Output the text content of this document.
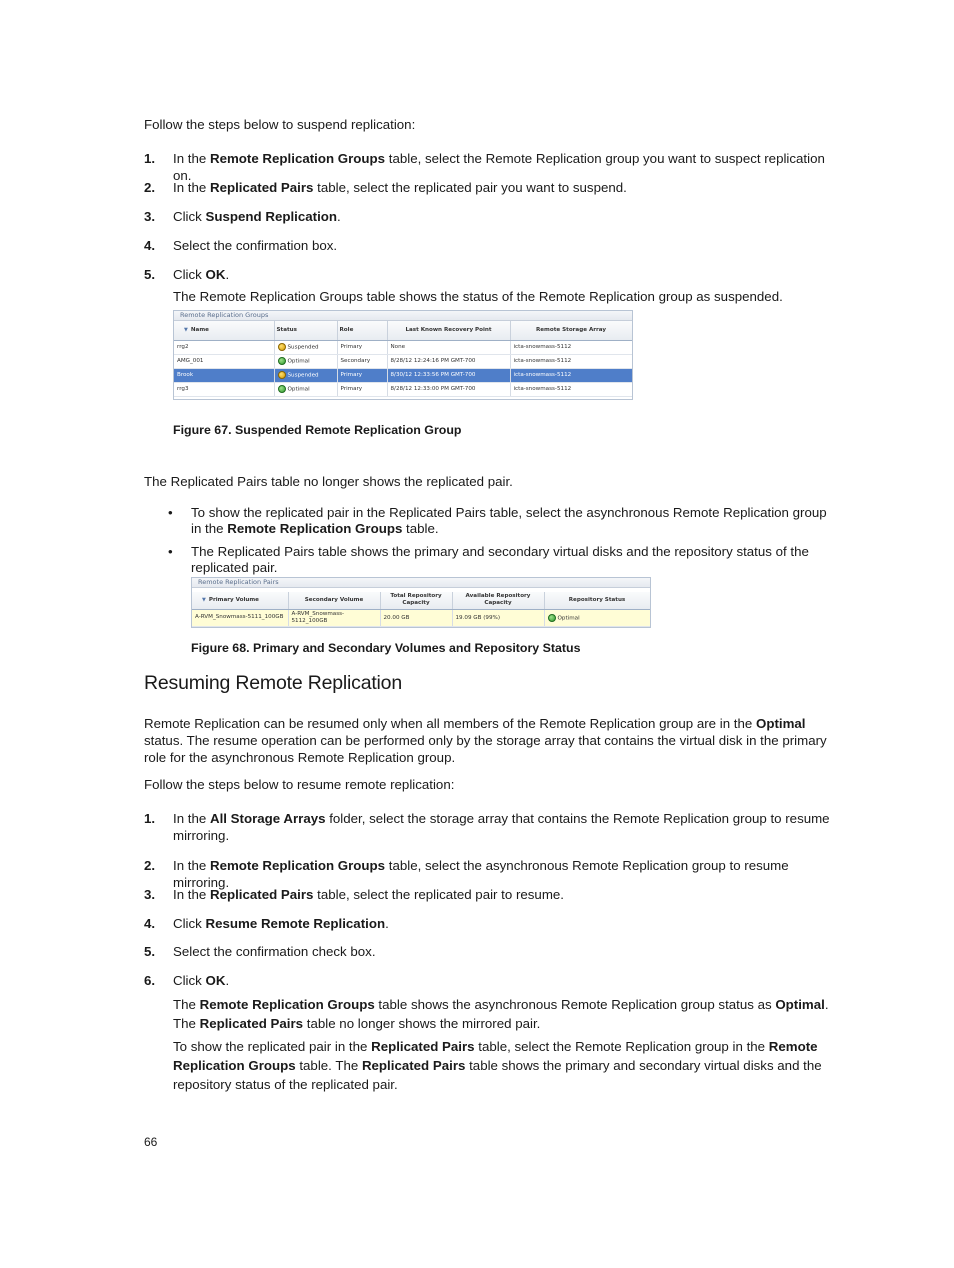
Follow the steps below to suspend replication:
1. In the Remote Replication Groups table, select the Remote Replication group you want to suspect replication on.
2. In the Replicated Pairs table, select the replicated pair you want to suspend.
3. Click Suspend Replication.
4. Select the confirmation box.
5. Click OK.
The Remote Replication Groups table shows the status of the Remote Replication group as suspended.
Remote Replication Groups
▼ Name	Status	Role	Last Known Recovery Point	Remote Storage Array
rrg2	Suspended	Primary	None	icta-snowmass-5112
AMG_001	Optimal	Secondary	8/28/12 12:24:16 PM GMT-700	icta-snowmass-5112
Brook	Suspended	Primary	8/30/12 12:33:56 PM GMT-700	icta-snowmass-5112
rrg3	Optimal	Primary	8/28/12 12:33:00 PM GMT-700	icta-snowmass-5112
Figure 67. Suspended Remote Replication Group
The Replicated Pairs table no longer shows the replicated pair.
• To show the replicated pair in the Replicated Pairs table, select the asynchronous Remote Replication group in the Remote Replication Groups table.
• The Replicated Pairs table shows the primary and secondary virtual disks and the repository status of the replicated pair.
Remote Replication Pairs
▼ Primary Volume	Secondary Volume	Total Repository Capacity	Available Repository Capacity	Repository Status
A-RVM_Snowmass-5111_100GB	A-RVM_Snowmass-5112_100GB	20.00 GB	19.09 GB (99%)	Optimal
Figure 68. Primary and Secondary Volumes and Repository Status
Resuming Remote Replication
Remote Replication can be resumed only when all members of the Remote Replication group are in the Optimal status. The resume operation can be performed only by the storage array that contains the virtual disk in the primary role for the asynchronous Remote Replication group.
Follow the steps below to resume remote replication:
1. In the All Storage Arrays folder, select the storage array that contains the Remote Replication group to resume mirroring.
2. In the Remote Replication Groups table, select the asynchronous Remote Replication group to resume mirroring.
3. In the Replicated Pairs table, select the replicated pair to resume.
4. Click Resume Remote Replication.
5. Select the confirmation check box.
6. Click OK.
The Remote Replication Groups table shows the asynchronous Remote Replication group status as Optimal. The Replicated Pairs table no longer shows the mirrored pair.
To show the replicated pair in the Replicated Pairs table, select the Remote Replication group in the Remote Replication Groups table. The Replicated Pairs table shows the primary and secondary virtual disks and the repository status of the replicated pair.
66
